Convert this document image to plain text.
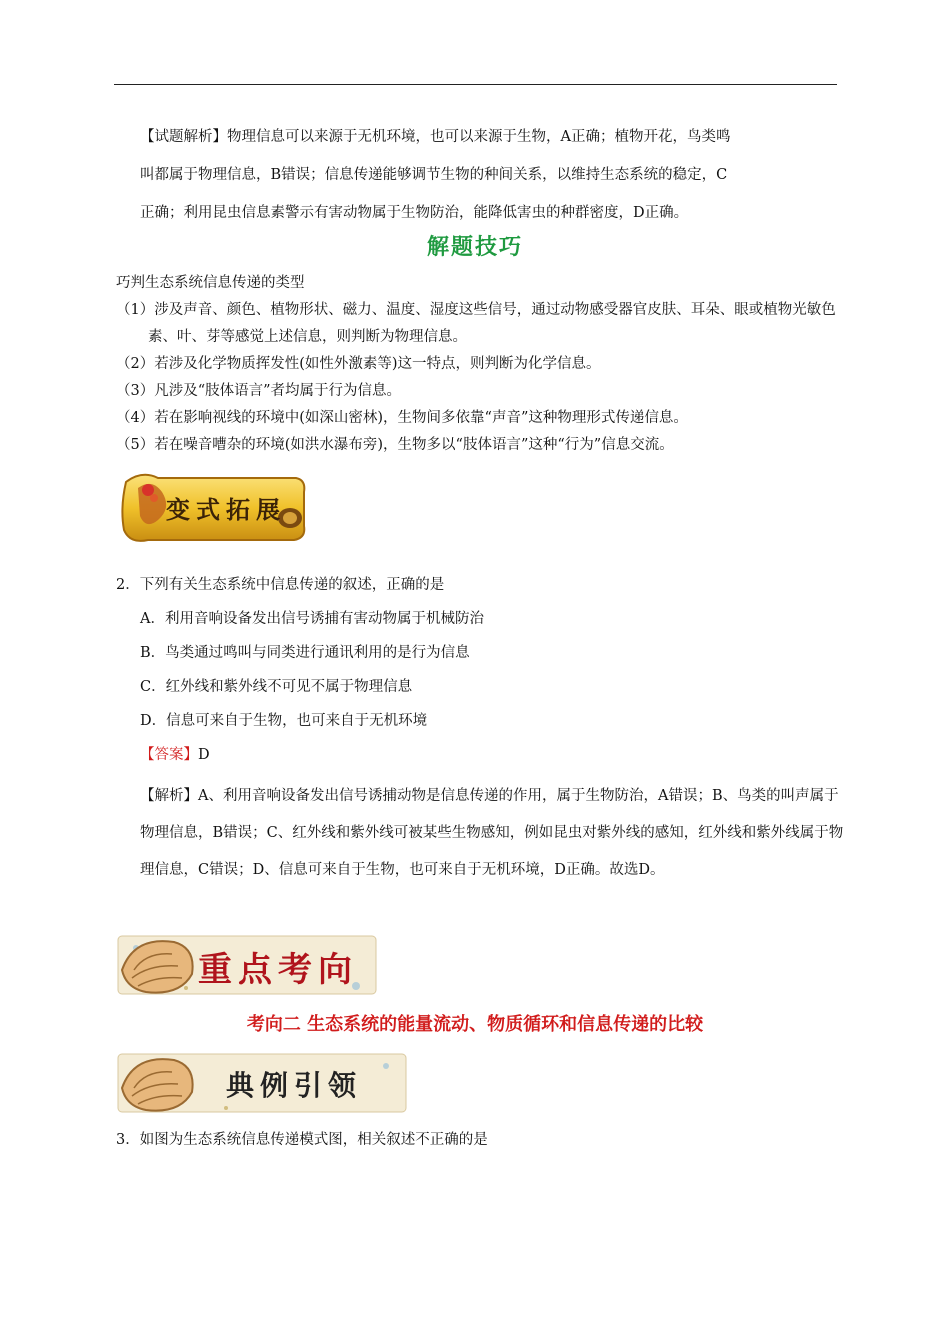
【试题解析】物理信息可以来源于无机环境，也可以来源于生物，A正确；植物开花，鸟类鸣
叫都属于物理信息，B错误；信息传递能够调节生物的种间关系，以维持生态系统的稳定，C
正确；利用昆虫信息素警示有害动物属于生物防治，能降低害虫的种群密度，D正确。
解题技巧

巧判生态系统信息传递的类型

（1）涉及声音、颜色、植物形状、磁力、温度、湿度这些信号，通过动物感受器官皮肤、耳朵、眼或植物光敏色素、叶、芽等感觉上述信息，则判断为物理信息。

（2）若涉及化学物质挥发性(如性外激素等)这一特点，则判断为化学信息。

（3）凡涉及“肢体语言”者均属于行为信息。

（4）若在影响视线的环境中(如深山密林)，生物间多依靠“声音”这种物理形式传递信息。

（5）若在噪音嘈杂的环境(如洪水瀑布旁)，生物多以“肢体语言”这种“行为”信息交流。

变式拓展
2．下列有关生态系统中信息传递的叙述，正确的是
A．利用音响设备发出信号诱捕有害动物属于机械防治
B．鸟类通过鸣叫与同类进行通讯利用的是行为信息
C．红外线和紫外线不可见不属于物理信息
D．信息可来自于生物，也可来自于无机环境
【答案】D
【解析】A、利用音响设备发出信号诱捕动物是信息传递的作用，属于生物防治，A错误；B、鸟类的叫声属于物理信息，B错误；C、红外线和紫外线可被某些生物感知，例如昆虫对紫外线的感知，红外线和紫外线属于物理信息，C错误；D、信息可来自于生物，也可来自于无机环境，D正确。故选D。
重点考向
考向二 生态系统的能量流动、物质循环和信息传递的比较
典例引领
3．如图为生态系统信息传递模式图，相关叙述不正确的是
